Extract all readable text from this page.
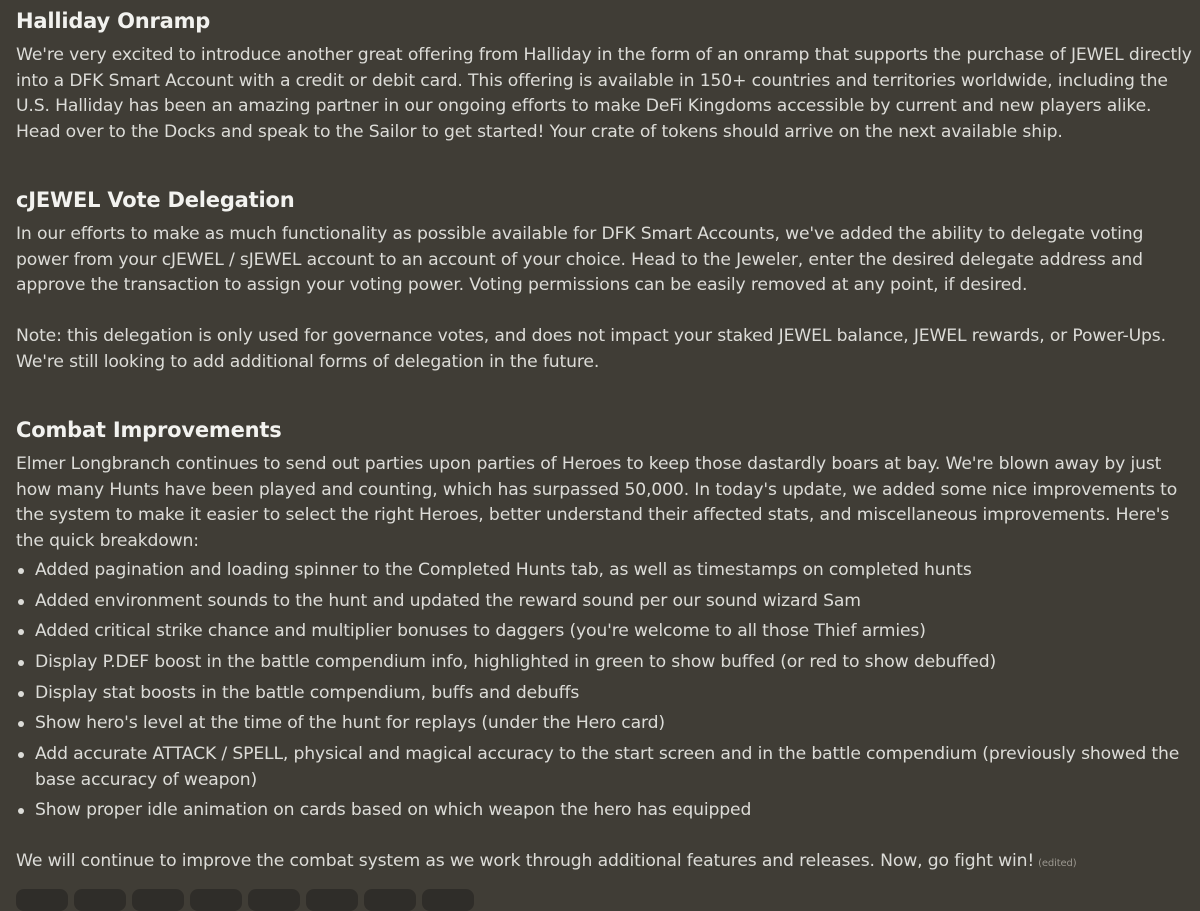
Halliday Onramp

We're very excited to introduce another great offering from Halliday in the form of an onramp that supports the purchase of JEWEL directly into a DFK Smart Account with a credit or debit card. This offering is available in 150+ countries and territories worldwide, including the U.S. Halliday has been an amazing partner in our ongoing efforts to make DeFi Kingdoms accessible by current and new players alike. Head over to the Docks and speak to the Sailor to get started! Your crate of tokens should arrive on the next available ship.

cJEWEL Vote Delegation

In our efforts to make as much functionality as possible available for DFK Smart Accounts, we've added the ability to delegate voting power from your cJEWEL / sJEWEL account to an account of your choice. Head to the Jeweler, enter the desired delegate address and approve the transaction to assign your voting power. Voting permissions can be easily removed at any point, if desired.

Note: this delegation is only used for governance votes, and does not impact your staked JEWEL balance, JEWEL rewards, or Power-Ups. We're still looking to add additional forms of delegation in the future.

Combat Improvements

Elmer Longbranch continues to send out parties upon parties of Heroes to keep those dastardly boars at bay. We're blown away by just how many Hunts have been played and counting, which has surpassed 50,000. In today's update, we added some nice improvements to the system to make it easier to select the right Heroes, better understand their affected stats, and miscellaneous improvements. Here's the quick breakdown:

Added pagination and loading spinner to the Completed Hunts tab, as well as timestamps on completed hunts
Added environment sounds to the hunt and updated the reward sound per our sound wizard Sam
Added critical strike chance and multiplier bonuses to daggers (you're welcome to all those Thief armies)
Display P.DEF boost in the battle compendium info, highlighted in green to show buffed (or red to show debuffed)
Display stat boosts in the battle compendium, buffs and debuffs
Show hero's level at the time of the hunt for replays (under the Hero card)
Add accurate ATTACK / SPELL, physical and magical accuracy to the start screen and in the battle compendium (previously showed the base accuracy of weapon)
Show proper idle animation on cards based on which weapon the hero has equipped

We will continue to improve the combat system as we work through additional features and releases. Now, go fight win! (edited)
